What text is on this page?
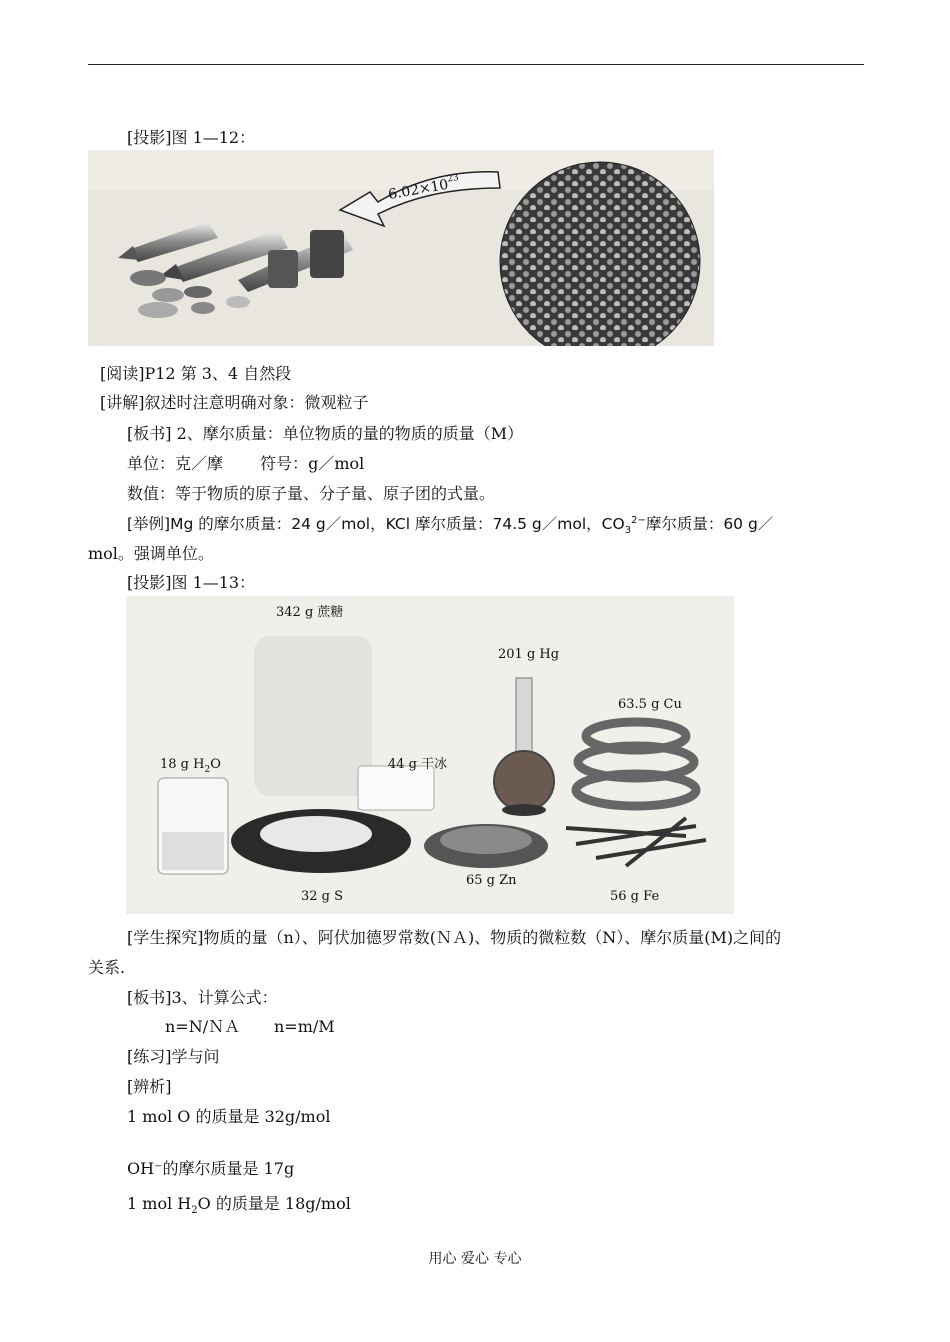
[投影]图 1—12：
$6.02\times 10^{23}$
[阅读]P12 第 3、4 自然段
[讲解]叙述时注意明确对象：微观粒子
[板书] 2、摩尔质量：单位物质的量的物质的质量（M）
单位：克／摩　　 符号：g／mol
数值：等于物质的原子量、分子量、原子团的式量。
[举例]Mg 的摩尔质量：24 g／mol，KCl 摩尔质量：74.5 g／mol，$CO_3^{2-}$摩尔质量：60 g／
mol。强调单位。
[投影]图 1—13：
342 g 蔗糖
201 g Hg
63.5 g Cu
18 g $H_2O$	44 g 干冰
32 g S
65 g Zn
56 g Fe
[学生探究]物质的量（n）、阿伏加德罗常数(ＮＡ)、物质的微粒数（N）、摩尔质量(M)之间的
关系.
[板书]3、计算公式：
n=N/ＮＡ n=m/M
[练习]学与问
[辨析]
1 mol O 的质量是 32g/mol
OH⁻的摩尔质量是 17g
1 mol $H_2O$ 的质量是 18g/mol
用心 爱心 专心
